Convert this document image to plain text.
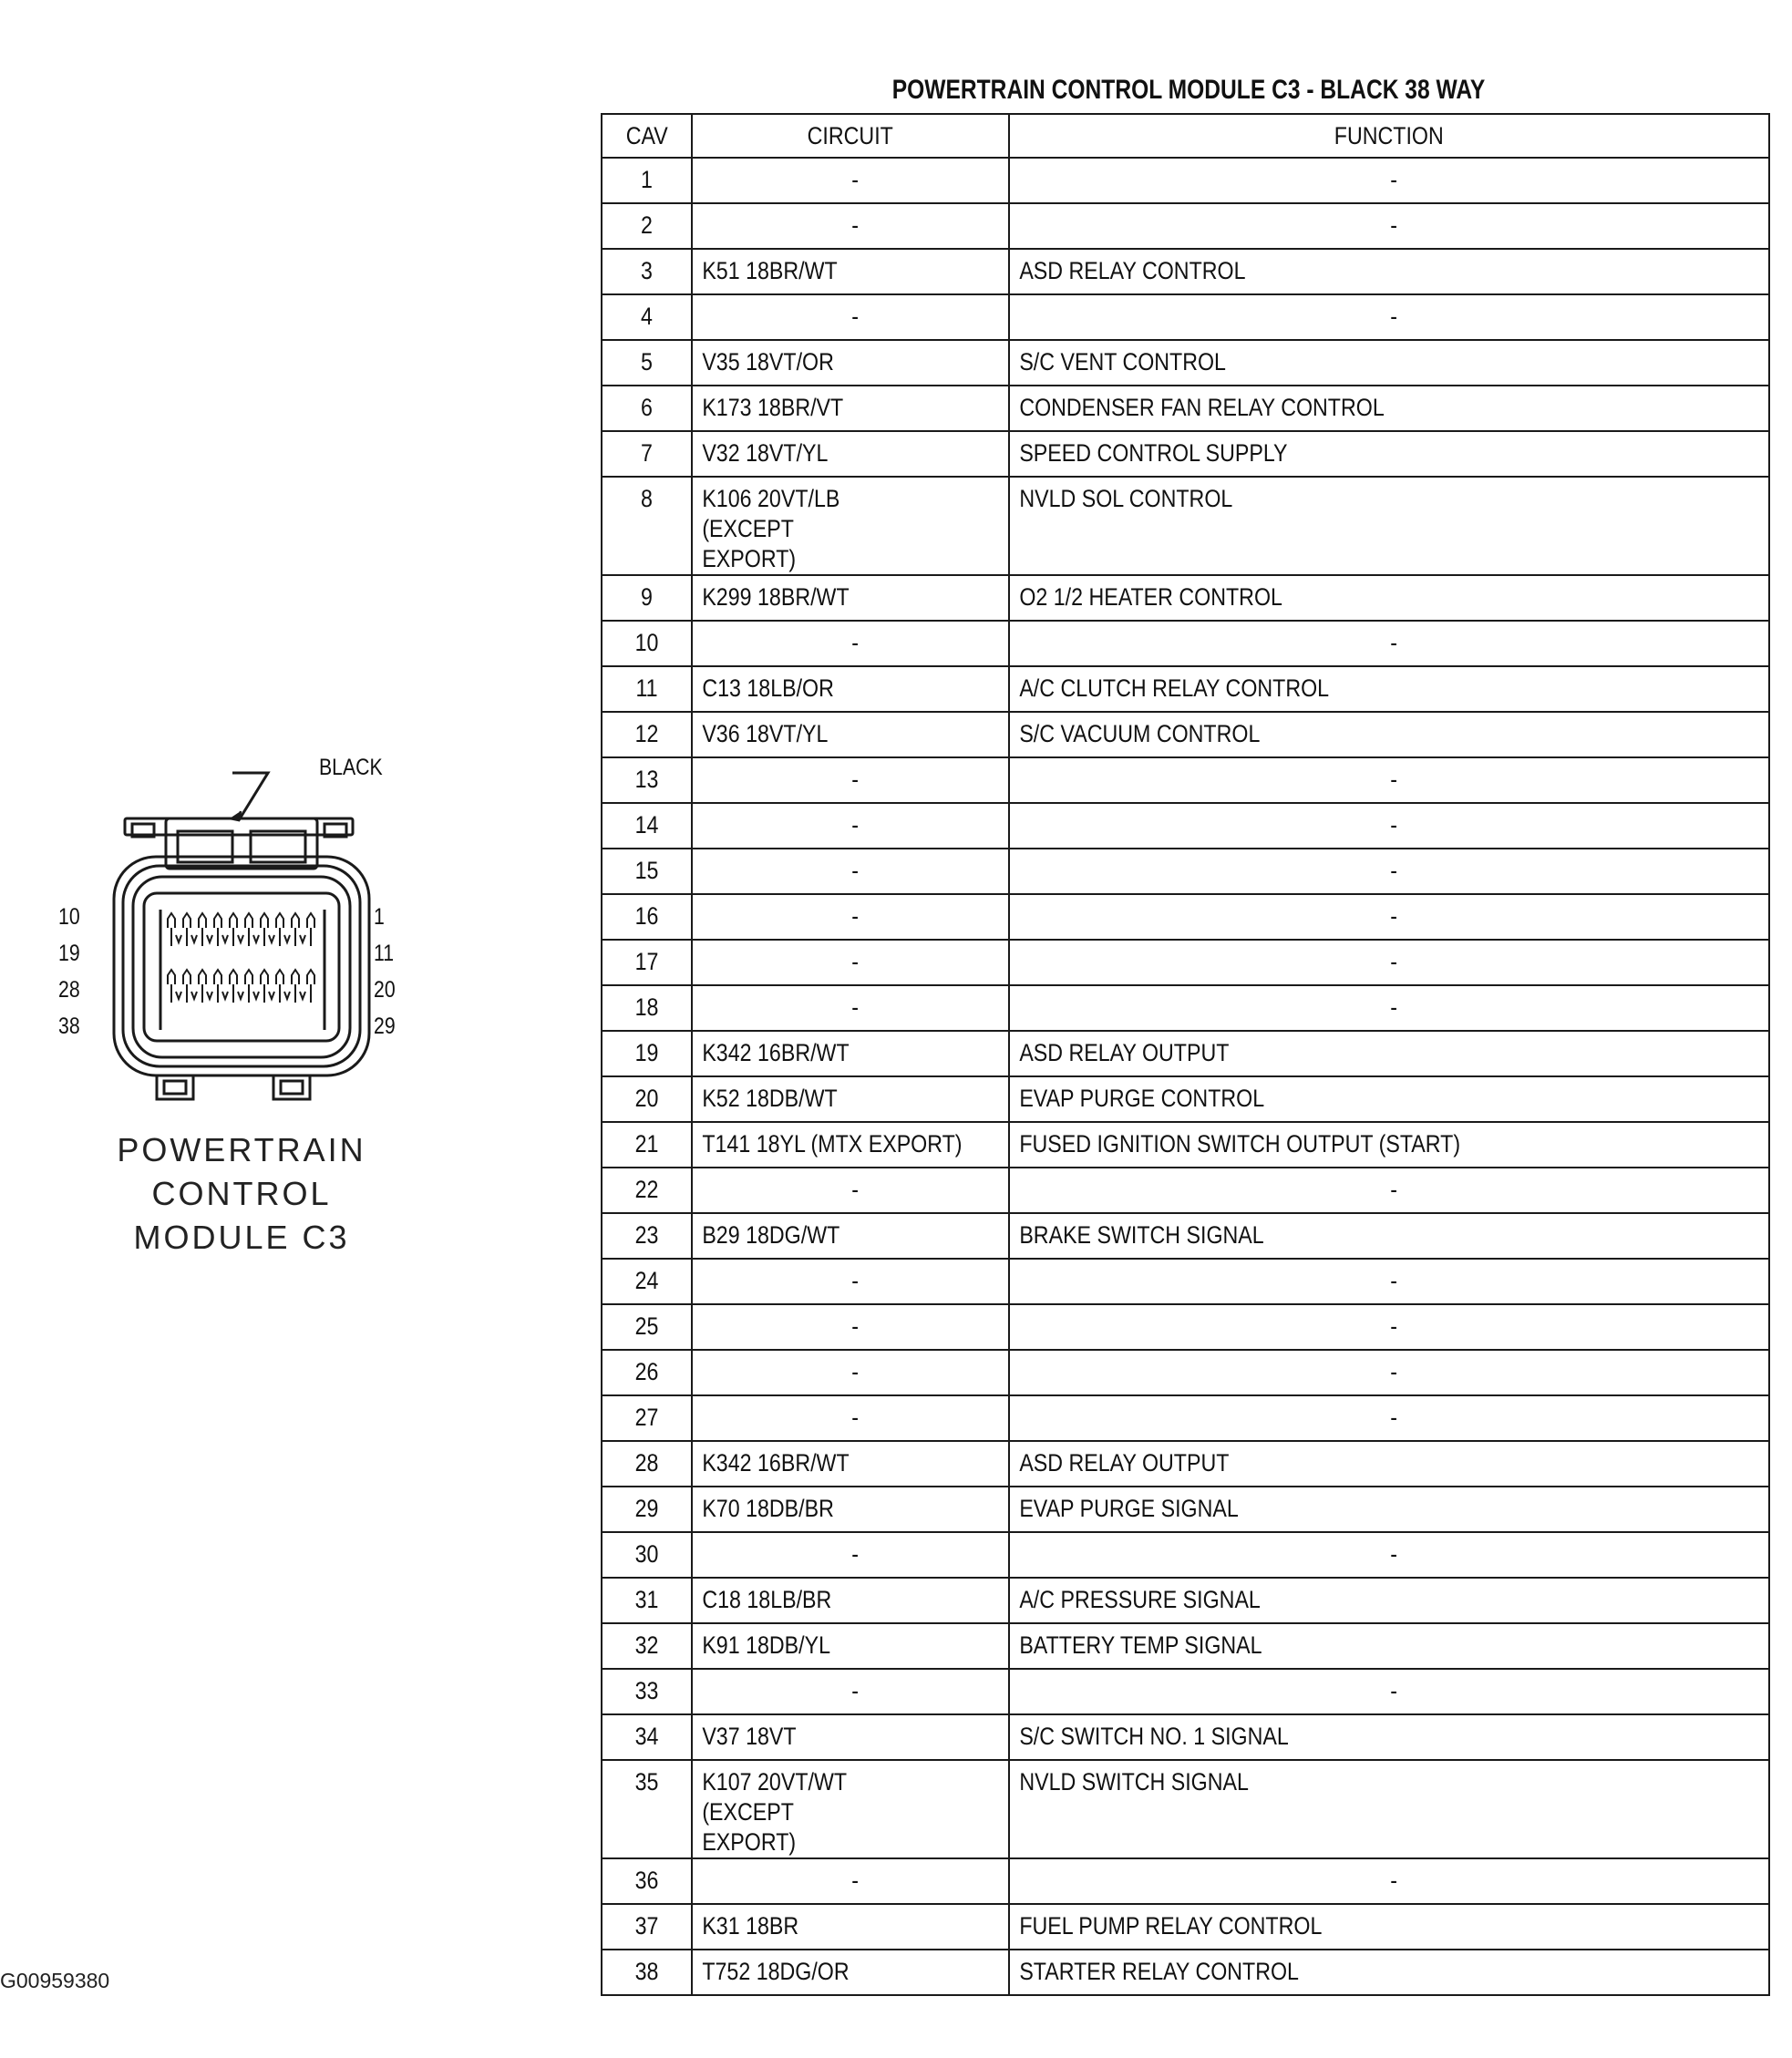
POWERTRAIN CONTROL MODULE C3 - BLACK 38 WAY
CAV	CIRCUIT	FUNCTION

1	-	-

2	-	-

3	K51 18BR/WT	ASD RELAY CONTROL

4	-	-

5	V35 18VT/OR	S/C VENT CONTROL

6	K173 18BR/VT	CONDENSER FAN RELAY CONTROL

7	V32 18VT/YL	SPEED CONTROL SUPPLY

8	K106 20VT/LB (EXCEPT EXPORT)	NVLD SOL CONTROL

9	K299 18BR/WT	O2 1/2 HEATER CONTROL

10	-	-

11	C13 18LB/OR	A/C CLUTCH RELAY CONTROL

12	V36 18VT/YL	S/C VACUUM CONTROL

13	-	-

14	-	-

15	-	-

16	-	-

17	-	-

18	-	-

19	K342 16BR/WT	ASD RELAY OUTPUT

20	K52 18DB/WT	EVAP PURGE CONTROL

21	T141 18YL (MTX EXPORT)	FUSED IGNITION SWITCH OUTPUT (START)

22	-	-

23	B29 18DG/WT	BRAKE SWITCH SIGNAL

24	-	-

25	-	-

26	-	-

27	-	-

28	K342 16BR/WT	ASD RELAY OUTPUT

29	K70 18DB/BR	EVAP PURGE SIGNAL

30	-	-

31	C18 18LB/BR	A/C PRESSURE SIGNAL

32	K91 18DB/YL	BATTERY TEMP SIGNAL

33	-	-

34	V37 18VT	S/C SWITCH NO. 1 SIGNAL

35	K107 20VT/WT (EXCEPT EXPORT)	NVLD SWITCH SIGNAL

36	-	-

37	K31 18BR	FUEL PUMP RELAY CONTROL

38	T752 18DG/OR	STARTER RELAY CONTROL
BLACK
10
19
28
38
1
11
20
29
POWERTRAIN
CONTROL
MODULE C3
G00959380
